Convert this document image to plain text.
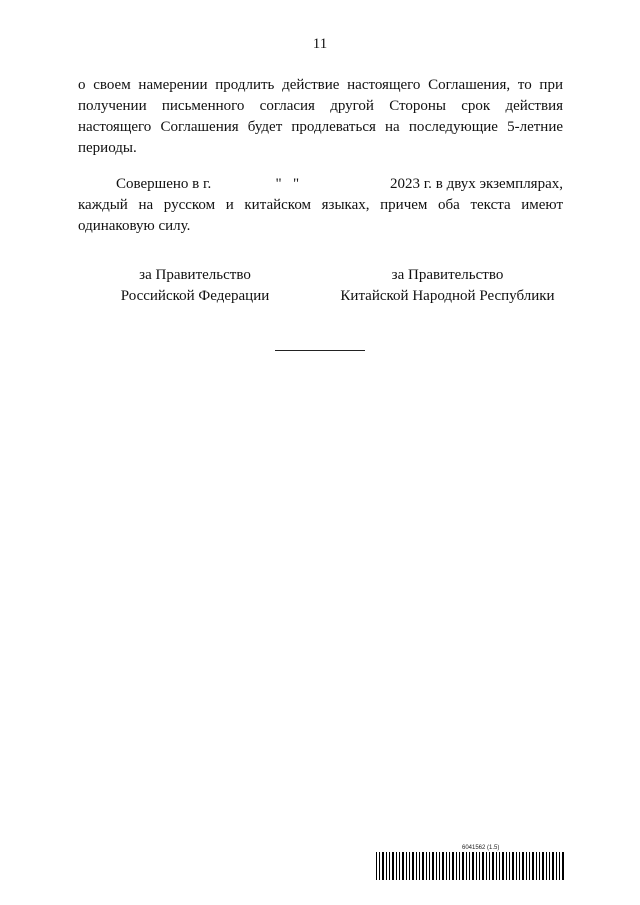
11

о своем намерении продлить действие настоящего Соглашения, то при получении письменного согласия другой Стороны срок действия настоящего Соглашения будет продлеваться на последующие 5-летние периоды.

Совершено в г.                 "   "                        2023 г. в двух экземплярах, каждый на русском и китайском языках, причем оба текста имеют одинаковую силу.

за Правительство
Российской Федерации
за Правительство
Китайской Народной Республики
6041562 (1.5)
